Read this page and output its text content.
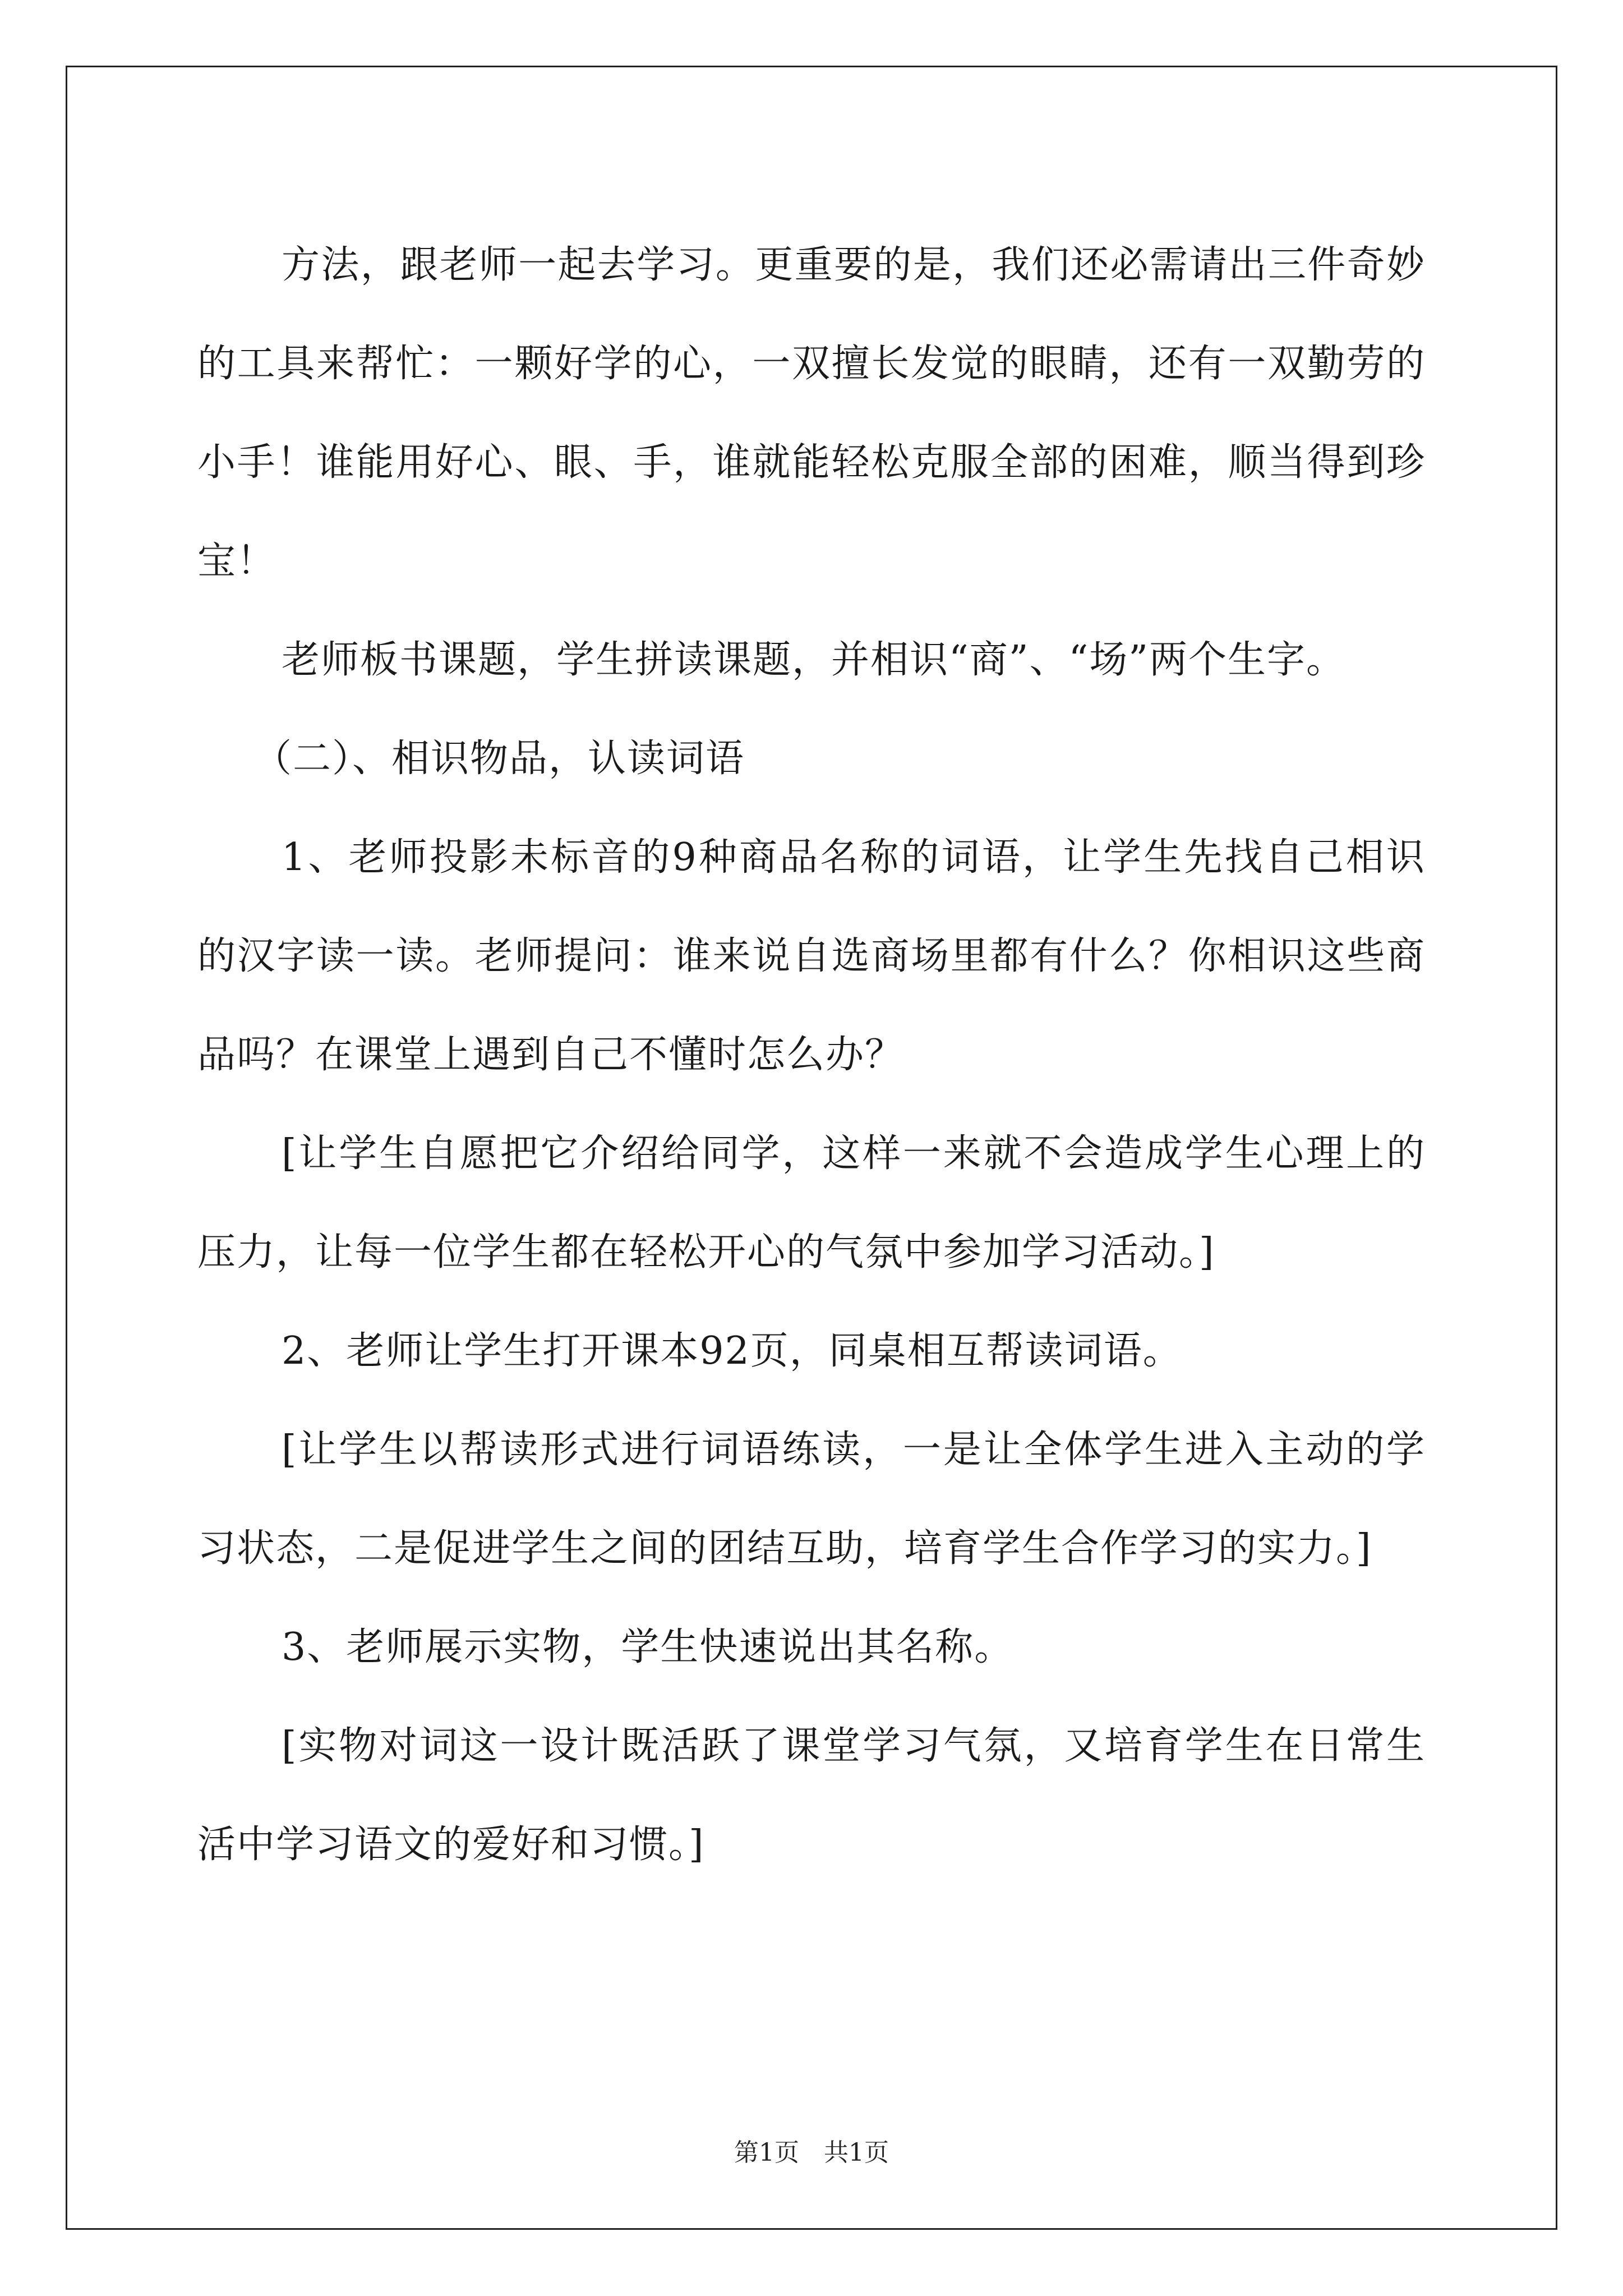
方法，跟老师一起去学习。更重要的是，我们还必需请出三件奇妙的工具来帮忙：一颗好学的心，一双擅长发觉的眼睛，还有一双勤劳的小手！谁能用好心、眼、手，谁就能轻松克服全部的困难，顺当得到珍宝！

老师板书课题，学生拼读课题，并相识“商”、“场”两个生字。

（二）、相识物品，认读词语

1、老师投影未标音的9种商品名称的词语，让学生先找自己相识的汉字读一读。老师提问：谁来说自选商场里都有什么？你相识这些商品吗？在课堂上遇到自己不懂时怎么办？

[让学生自愿把它介绍给同学，这样一来就不会造成学生心理上的压力，让每一位学生都在轻松开心的气氛中参加学习活动。]

2、老师让学生打开课本92页，同桌相互帮读词语。

[让学生以帮读形式进行词语练读，一是让全体学生进入主动的学习状态，二是促进学生之间的团结互助，培育学生合作学习的实力。]

3、老师展示实物，学生快速说出其名称。

[实物对词这一设计既活跃了课堂学习气氛，又培育学生在日常生活中学习语文的爱好和习惯。]

第1页　共1页
